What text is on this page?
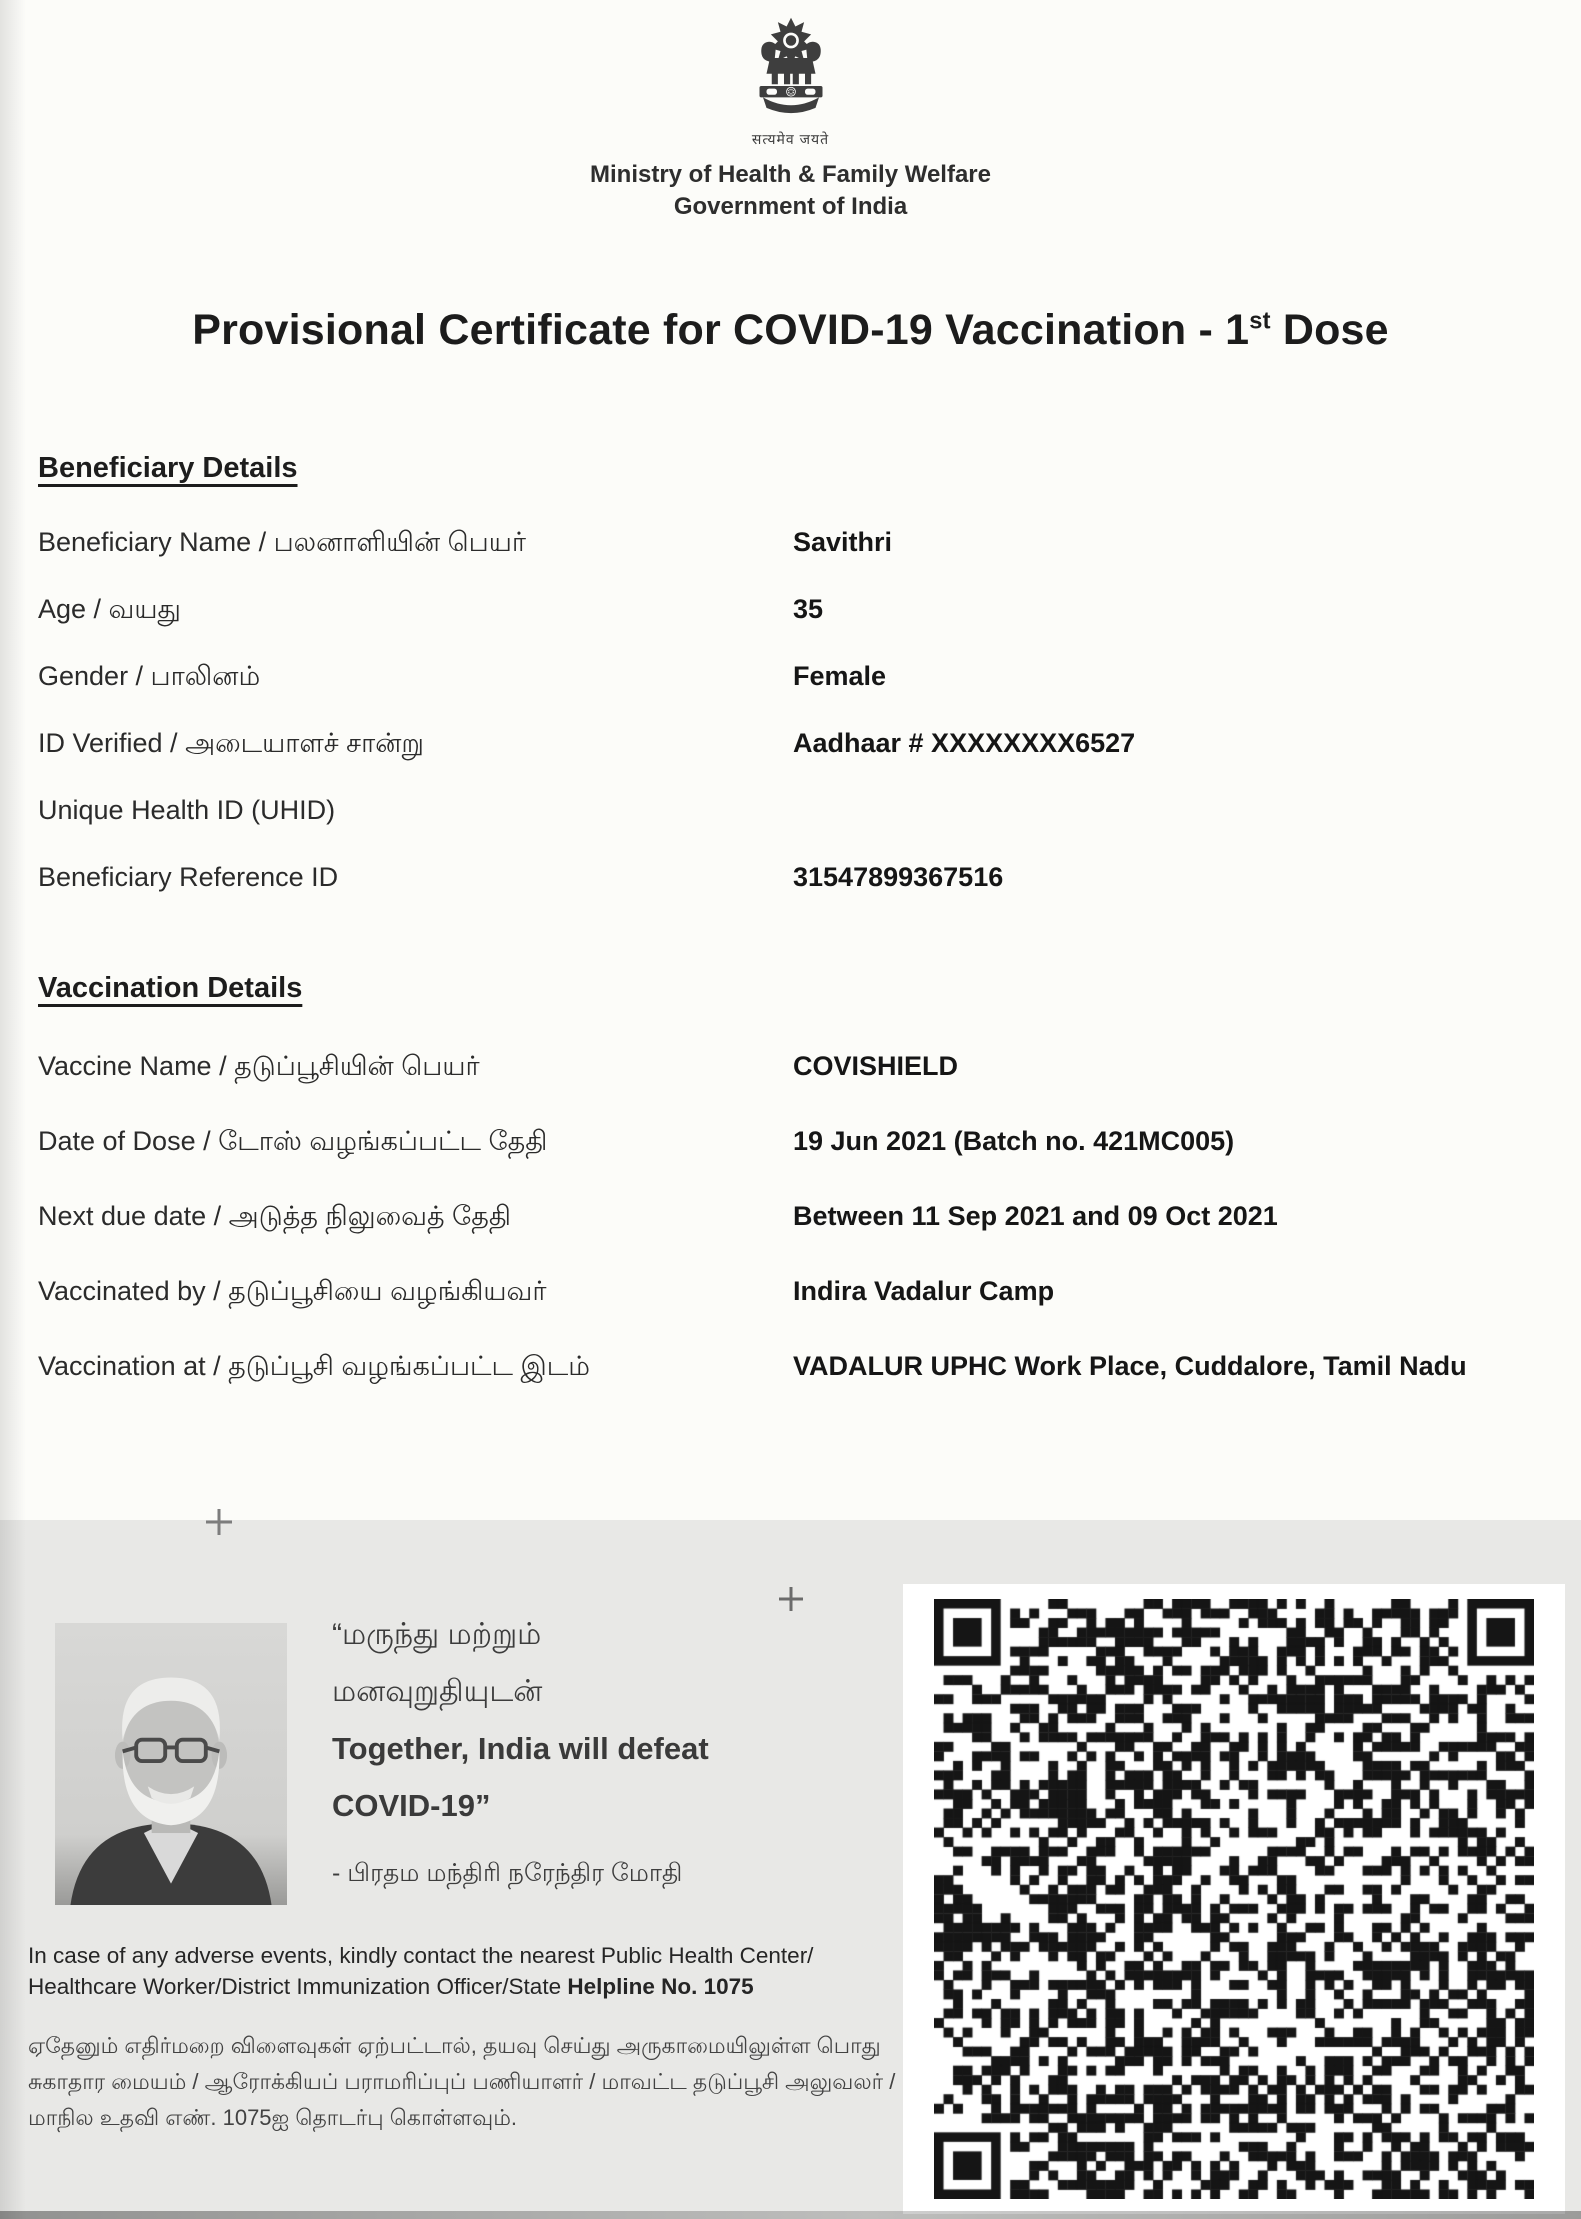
सत्यमेव जयते
Ministry of Health & Family Welfare
Government of India
Provisional Certificate for COVID-19 Vaccination - 1st Dose
Beneficiary Details
Beneficiary Name / பலனாளியின் பெயர்	Savithri
Age / வயது	35
Gender / பாலினம்	Female
ID Verified / அடையாளச் சான்று	Aadhaar # XXXXXXXX6527
Unique Health ID (UHID)
Beneficiary Reference ID	31547899367516
Vaccination Details
Vaccine Name / தடுப்பூசியின் பெயர்	COVISHIELD
Date of Dose / டோஸ் வழங்கப்பட்ட தேதி	19 Jun 2021 (Batch no. 421MC005)
Next due date / அடுத்த நிலுவைத் தேதி	Between 11 Sep 2021 and 09 Oct 2021
Vaccinated by / தடுப்பூசியை வழங்கியவர்	Indira Vadalur Camp
Vaccination at / தடுப்பூசி வழங்கப்பட்ட இடம்	VADALUR UPHC Work Place, Cuddalore, Tamil Nadu
“மருந்து மற்றும்
மனவுறுதியுடன்
Together, India will defeat
COVID-19”
- பிரதம மந்திரி நரேந்திர மோதி
In case of any adverse events, kindly contact the nearest Public Health Center/
Healthcare Worker/District Immunization Officer/State Helpline No. 1075
ஏதேனும் எதிர்மறை விளைவுகள் ஏற்பட்டால், தயவு செய்து அருகாமையிலுள்ள பொது சுகாதார மையம் / ஆரோக்கியப் பராமரிப்புப் பணியாளர் / மாவட்ட தடுப்பூசி அலுவலர் / மாநில உதவி எண். 1075ஐ தொடர்பு கொள்ளவும்.
